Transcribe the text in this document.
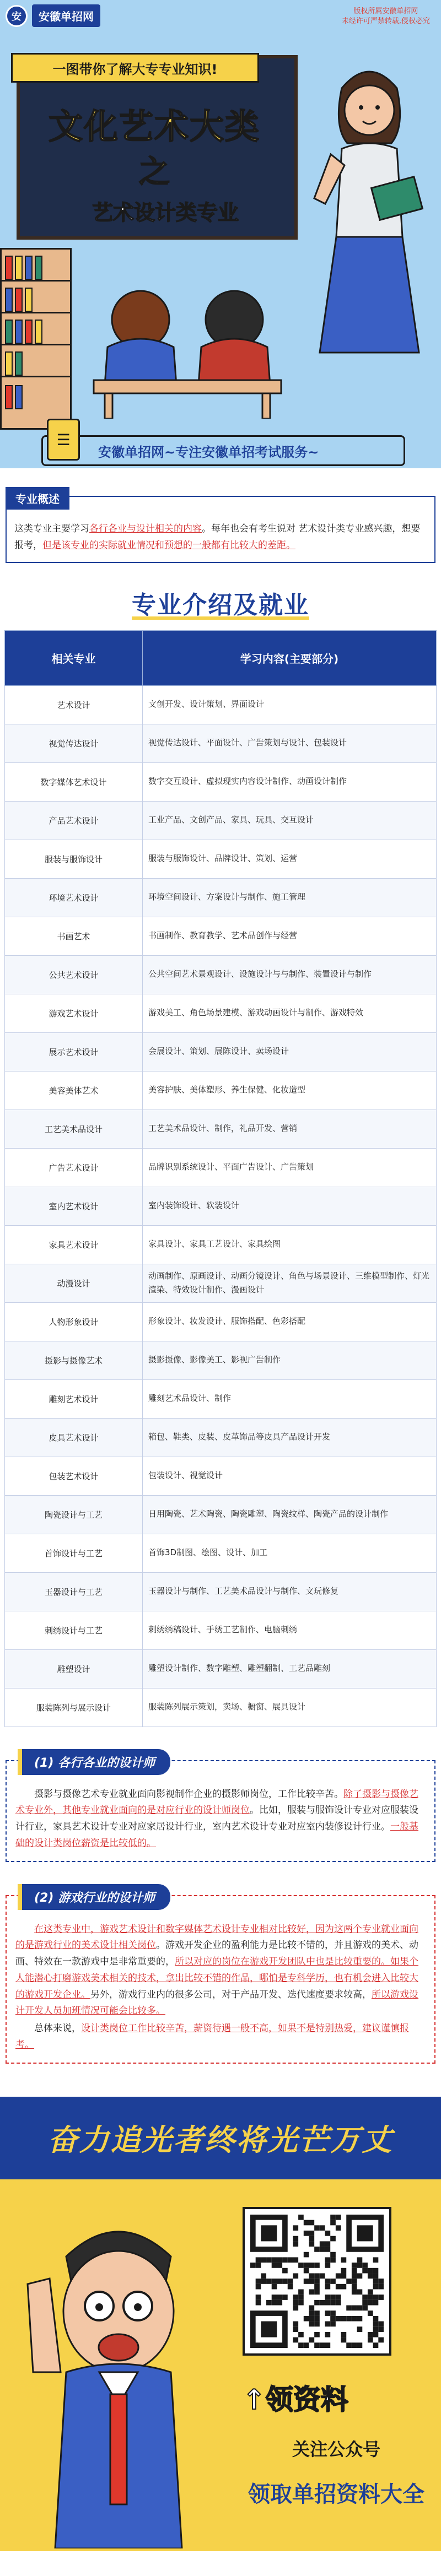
安	安徽单招网	版权所属安徽单招网
未经许可严禁转载,侵权必究
一图带你了解大专专业知识!
文化艺术大类
之
艺术设计类专业
安徽单招网~专注安徽单招考试服务~
☰
专业概述

这类专业主要学习各行各业与设计相关的内容。每年也会有考生说对 艺术设计类专业感兴趣，想要报考，但是该专业的实际就业情况和预想的一般都有比较大的差距。

专业介绍及就业
相关专业	学习内容(主要部分)
艺术设计	文创开发、设计策划、界面设计
视觉传达设计	视觉传达设计、平面设计、广告策划与设计、包装设计
数字媒体艺术设计	数字交互设计、虚拟现实内容设计制作、动画设计制作
产品艺术设计	工业产品、文创产品、家具、玩具、交互设计
服装与服饰设计	服装与服饰设计、品牌设计、策划、运营
环境艺术设计	环境空间设计、方案设计与制作、施工管理
书画艺术	书画制作、教育教学、艺术品创作与经营
公共艺术设计	公共空间艺术景观设计、设施设计与与制作、装置设计与制作
游戏艺术设计	游戏美工、角色场景建模、游戏动画设计与制作、游戏特效
展示艺术设计	会展设计、策划、展陈设计、卖场设计
美容美体艺术	美容护肤、美体塑形、养生保健、化妆造型
工艺美术品设计	工艺美术品设计、制作，礼品开发、营销
广告艺术设计	品牌识别系统设计、平面广告设计、广告策划
室内艺术设计	室内装饰设计、软装设计
家具艺术设计	家具设计、家具工艺设计、家具绘图
动漫设计	动画制作、原画设计、动画分镜设计、角色与场景设计、三维模型制作、灯光渲染、特效设计制作、漫画设计
人物形象设计	形象设计、妆发设计、服饰搭配、色彩搭配
摄影与摄像艺术	摄影摄像、影像美工、影视广告制作
雕刻艺术设计	雕刻艺术品设计、制作
皮具艺术设计	箱包、鞋类、皮装、皮革饰品等皮具产品设计开发
包装艺术设计	包装设计、视觉设计
陶瓷设计与工艺	日用陶瓷、艺术陶瓷、陶瓷雕塑、陶瓷纹样、陶瓷产品的设计制作
首饰设计与工艺	首饰3D制图、绘图、设计、加工
玉器设计与工艺	玉器设计与制作、工艺美术品设计与制作、文玩修复
刺绣设计与工艺	刺绣绣稿设计、手绣工艺制作、电脑刺绣
雕塑设计	雕塑设计制作、数字雕塑、雕塑翻制、工艺品雕刻
服装陈列与展示设计	服装陈列展示策划，卖场、橱窗、展具设计
(1) 各行各业的设计师

摄影与摄像艺术专业就业面向影视制作企业的摄影师岗位，工作比较辛苦。除了摄影与摄像艺术专业外，其他专业就业面向的是对应行业的设计师岗位。比如，服装与服饰设计专业对应服装设计行业，家具艺术设计专业对应家居设计行业，室内艺术设计专业对应室内装修设计行业。一般基础的设计类岗位薪资是比较低的。

(2) 游戏行业的设计师

在这类专业中，游戏艺术设计和数字媒体艺术设计专业相对比较好，因为这两个专业就业面向的是游戏行业的美术设计相关岗位。游戏开发企业的盈利能力是比较不错的，并且游戏的美术、动画、特效在一款游戏中是非常重要的，所以对应的岗位在游戏开发团队中也是比较重要的。如果个人能潜心打磨游戏美术相关的技术，拿出比较不错的作品，哪怕是专科学历，也有机会进入比较大的游戏开发企业。另外，游戏行业内的很多公司，对于产品开发、迭代速度要求较高，所以游戏设计开发人员加班情况可能会比较多。

总体来说，设计类岗位工作比较辛苦，薪资待遇一般不高，如果不是特别热爱，建议谨慎报考。

奋力追光者终将光芒万丈
↑领资料
关注公众号
领取单招资料大全
